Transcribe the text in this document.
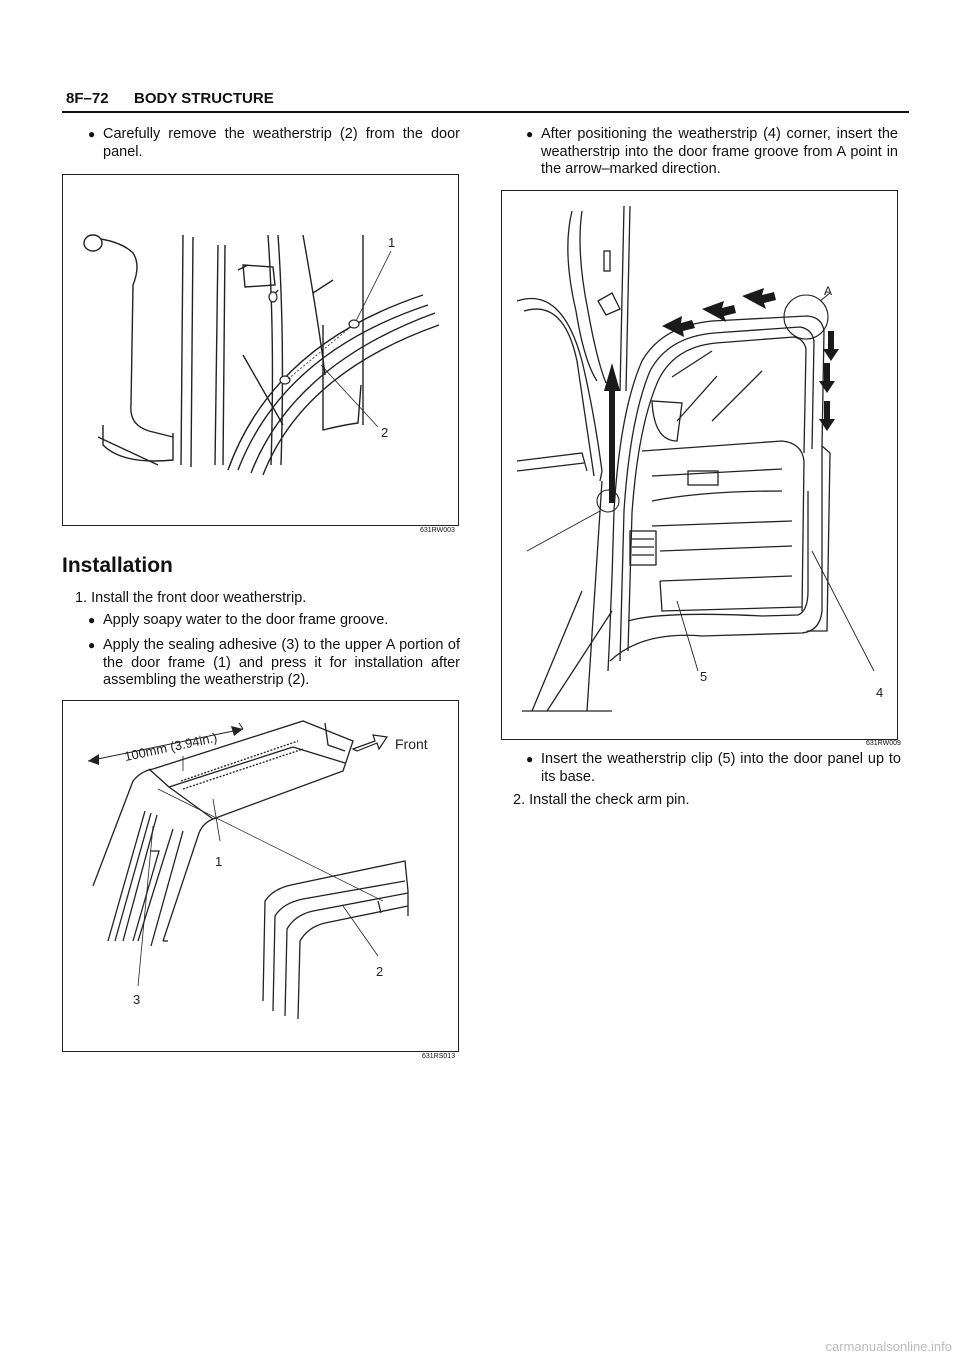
8F–72 BODY STRUCTURE

● Carefully remove the weatherstrip (2) from the door panel.

1
2
631RW003
Installation

1. Install the front door weatherstrip.

● Apply soapy water to the door frame groove.

● Apply the sealing adhesive (3) to the upper A portion of the door frame (1) and press it for installation after assembling the weatherstrip (2).

100mm (3.94in.)	Front
1
2
3
631RS013

● After positioning the weatherstrip (4) corner, insert the weatherstrip into the door frame groove from A point in the arrow–marked direction.

A
4
5
631RW009

● Insert the weatherstrip clip (5) into the door panel up to its base.

2. Install the check arm pin.

carmanualsonline.info
